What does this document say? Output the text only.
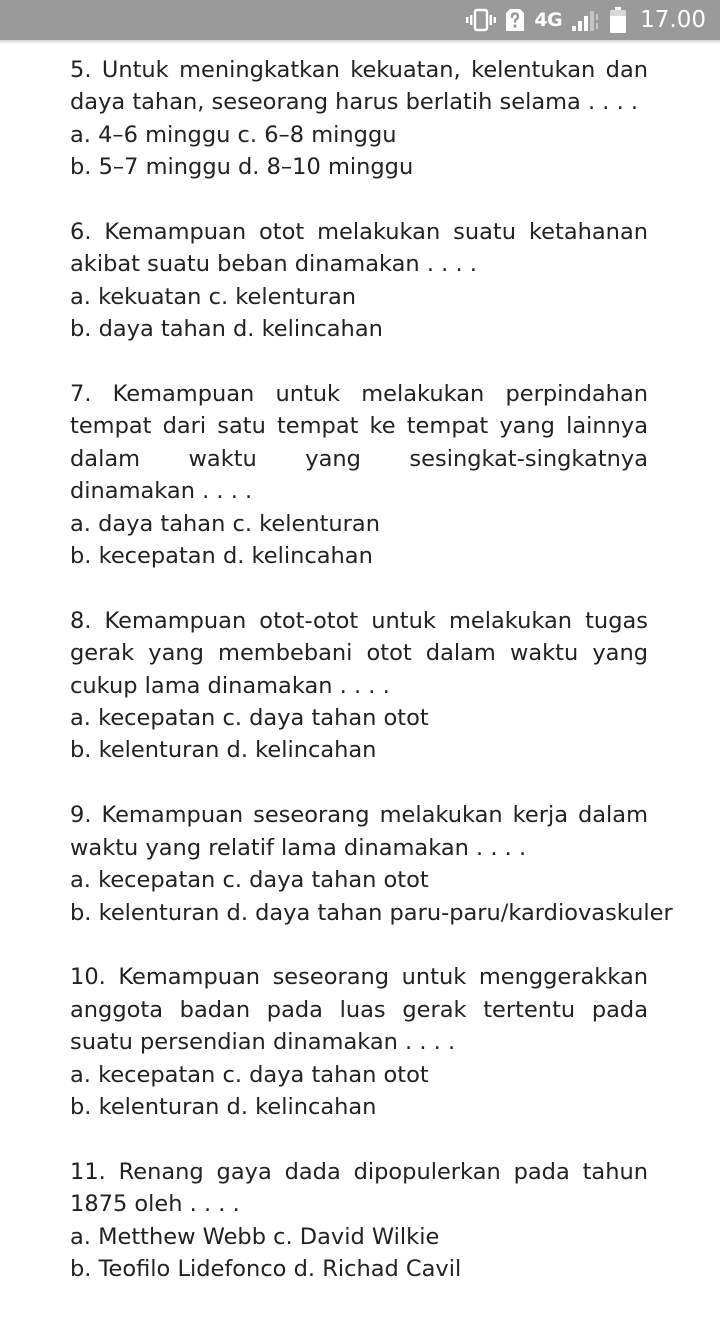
4G	17.00

5. Untuk meningkatkan kekuatan, kelentukan dan daya tahan, seseorang harus berlatih selama . . . .

a. 4–6 minggu c. 6–8 minggu

b. 5–7 minggu d. 8–10 minggu

6. Kemampuan otot melakukan suatu ketahanan akibat suatu beban dinamakan . . . .

a. kekuatan c. kelenturan

b. daya tahan d. kelincahan

7. Kemampuan untuk melakukan perpindahan tempat dari satu tempat ke tempat yang lainnya dalam waktu yang sesingkat-singkatnya dinamakan . . . .

a. daya tahan c. kelenturan

b. kecepatan d. kelincahan

8. Kemampuan otot-otot untuk melakukan tugas gerak yang membebani otot dalam waktu yang cukup lama dinamakan . . . .

a. kecepatan c. daya tahan otot

b. kelenturan d. kelincahan

9. Kemampuan seseorang melakukan kerja dalam waktu yang relatif lama dinamakan . . . .

a. kecepatan c. daya tahan otot

b. kelenturan d. daya tahan paru-paru/kardiovaskuler

10. Kemampuan seseorang untuk menggerakkan anggota badan pada luas gerak tertentu pada suatu persendian dinamakan . . . .

a. kecepatan c. daya tahan otot

b. kelenturan d. kelincahan

11. Renang gaya dada dipopulerkan pada tahun 1875 oleh . . . .

a. Metthew Webb c. David Wilkie

b. Teofilo Lidefonco d. Richad Cavil
